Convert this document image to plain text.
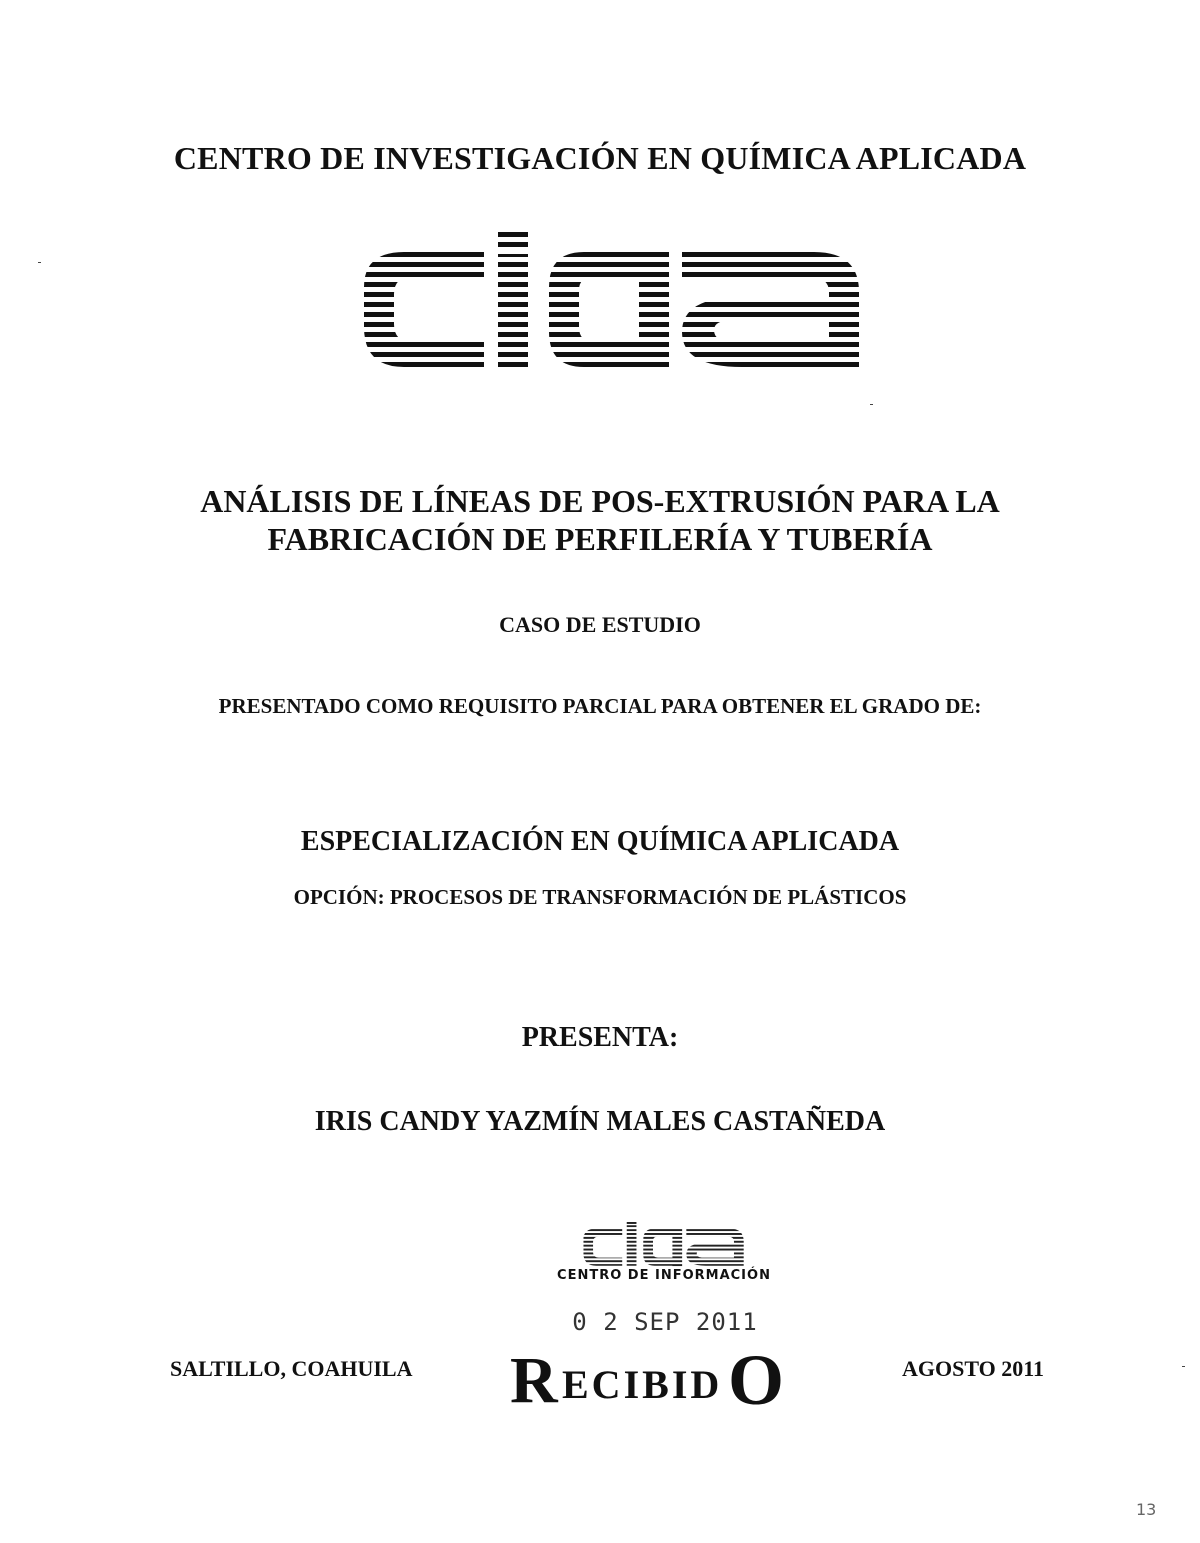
CENTRO DE INVESTIGACIÓN EN QUÍMICA APLICADA
ANÁLISIS DE LÍNEAS DE POS-EXTRUSIÓN PARA LA
FABRICACIÓN DE PERFILERÍA Y TUBERÍA
CASO DE ESTUDIO
PRESENTADO COMO REQUISITO PARCIAL PARA OBTENER EL GRADO DE:
ESPECIALIZACIÓN EN QUÍMICA APLICADA
OPCIÓN: PROCESOS DE TRANSFORMACIÓN DE PLÁSTICOS
PRESENTA:
IRIS CANDY YAZMÍN MALES CASTAÑEDA
CENTRO DE INFORMACIÓN
0 2 SEP 2011
SALTILLO, COAHUILA R ECIBID O	AGOSTO 2011
13
